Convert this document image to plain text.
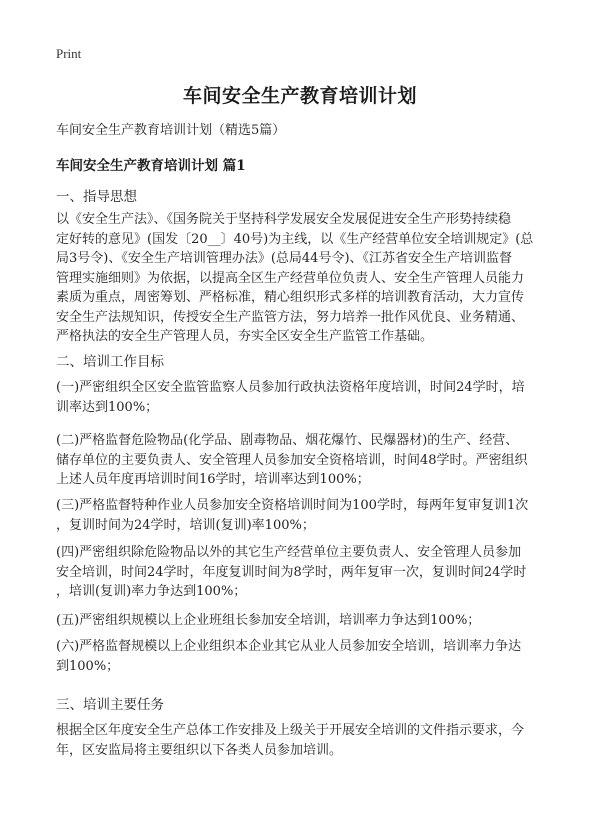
Print
车间安全生产教育培训计划
车间安全生产教育培训计划（精选5篇）
车间安全生产教育培训计划 篇1
一、指导思想

以《安全生产法》、《国务院关于坚持科学发展安全发展促进安全生产形势持续稳
定好转的意见》(国发〔20__〕40号)为主线，以《生产经营单位安全培训规定》(总
局3号令)、《安全生产培训管理办法》(总局44号令)、《江苏省安全生产培训监督
管理实施细则》为依据，以提高全区生产经营单位负责人、安全生产管理人员能力
素质为重点，周密筹划、严格标准，精心组织形式多样的培训教育活动，大力宣传
安全生产法规知识，传授安全生产监管方法，努力培养一批作风优良、业务精通、
严格执法的安全生产管理人员，夯实全区安全生产监管工作基础。

二、培训工作目标

(一)严密组织全区安全监管监察人员参加行政执法资格年度培训，时间24学时，培
训率达到100%；

(二)严格监督危险物品(化学品、剧毒物品、烟花爆竹、民爆器材)的生产、经营、
储存单位的主要负责人、安全管理人员参加安全资格培训，时间48学时。严密组织
上述人员年度再培训时间16学时，培训率达到100%；

(三)严格监督特种作业人员参加安全资格培训时间为100学时，每两年复审复训1次
，复训时间为24学时，培训(复训)率100%；

(四)严密组织除危险物品以外的其它生产经营单位主要负责人、安全管理人员参加
安全培训，时间24学时，年度复训时间为8学时，两年复审一次，复训时间24学时
，培训(复训)率力争达到100%；

(五)严密组织规模以上企业班组长参加安全培训，培训率力争达到100%；

(六)严格监督规模以上企业组织本企业其它从业人员参加安全培训，培训率力争达
到100%；

三、培训主要任务

根据全区年度安全生产总体工作安排及上级关于开展安全培训的文件指示要求，今
年，区安监局将主要组织以下各类人员参加培训。
